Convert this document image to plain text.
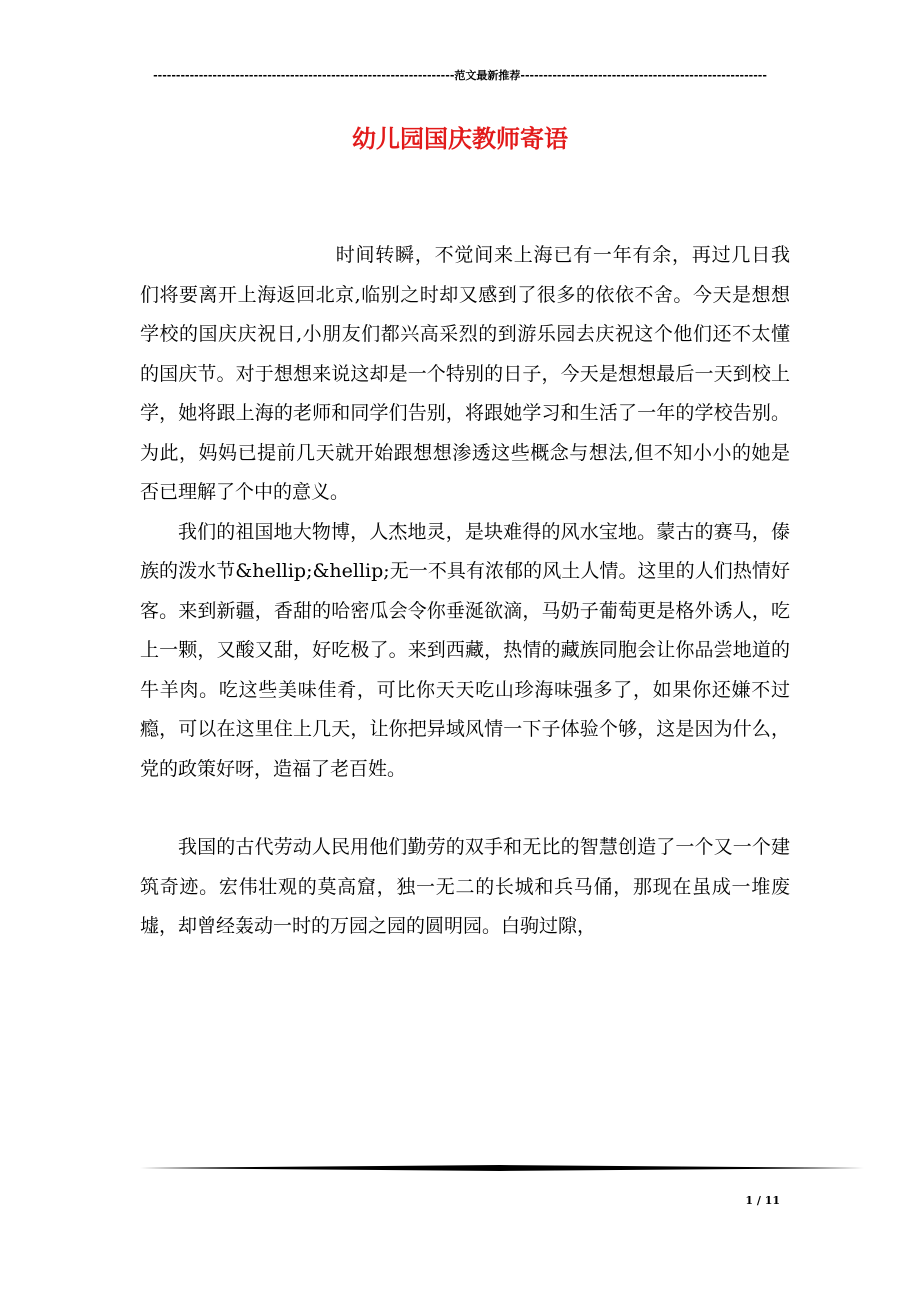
------------------------------------------------------------------范文最新推荐------------------------------------------------------
幼儿园国庆教师寄语

时间转瞬，不觉间来上海已有一年有余，再过几日我们将要离开上海返回北京,临别之时却又感到了很多的依依不舍。今天是想想学校的国庆庆祝日,小朋友们都兴高采烈的到游乐园去庆祝这个他们还不太懂的国庆节。对于想想来说这却是一个特别的日子，今天是想想最后一天到校上学，她将跟上海的老师和同学们告别，将跟她学习和生活了一年的学校告别。为此，妈妈已提前几天就开始跟想想渗透这些概念与想法,但不知小小的她是否已理解了个中的意义。

我们的祖国地大物博，人杰地灵，是块难得的风水宝地。蒙古的赛马，傣族的泼水节&hellip;&hellip;无一不具有浓郁的风土人情。这里的人们热情好客。来到新疆，香甜的哈密瓜会令你垂涎欲滴，马奶子葡萄更是格外诱人，吃上一颗，又酸又甜，好吃极了。来到西藏，热情的藏族同胞会让你品尝地道的牛羊肉。吃这些美味佳肴，可比你天天吃山珍海味强多了，如果你还嫌不过瘾，可以在这里住上几天，让你把异域风情一下子体验个够，这是因为什么，党的政策好呀，造福了老百姓。

我国的古代劳动人民用他们勤劳的双手和无比的智慧创造了一个又一个建筑奇迹。宏伟壮观的莫高窟，独一无二的长城和兵马俑，那现在虽成一堆废墟，却曾经轰动一时的万园之园的圆明园。白驹过隙，

1 / 11
